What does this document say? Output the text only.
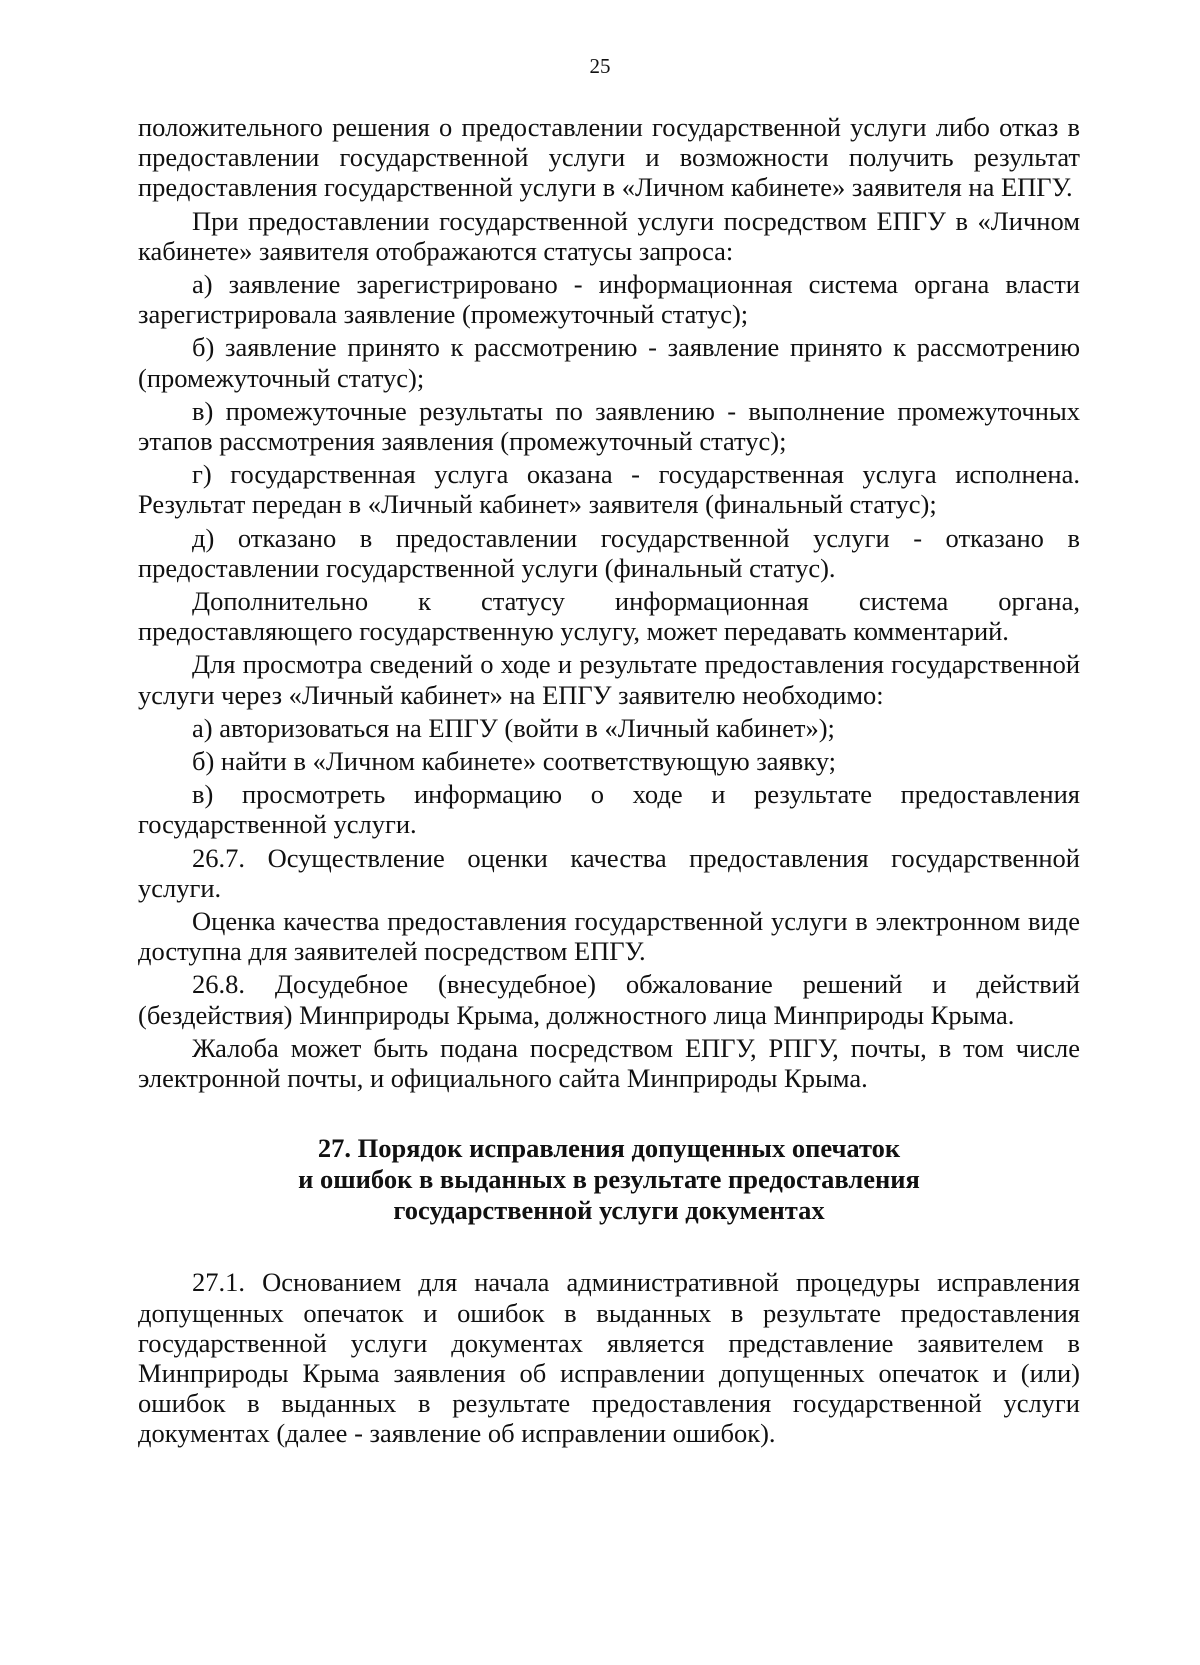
25

положительного решения о предоставлении государственной услуги либо отказ в предоставлении государственной услуги и возможности получить результат предоставления государственной услуги в «Личном кабинете» заявителя на ЕПГУ.

При предоставлении государственной услуги посредством ЕПГУ в «Личном кабинете» заявителя отображаются статусы запроса:

а) заявление зарегистрировано - информационная система органа власти зарегистрировала заявление (промежуточный статус);

б) заявление принято к рассмотрению - заявление принято к рассмотрению (промежуточный статус);

в) промежуточные результаты по заявлению - выполнение промежуточных этапов рассмотрения заявления (промежуточный статус);

г) государственная услуга оказана - государственная услуга исполнена. Результат передан в «Личный кабинет» заявителя (финальный статус);

д) отказано в предоставлении государственной услуги - отказано в предоставлении государственной услуги (финальный статус).

Дополнительно к статусу информационная система органа, предоставляющего государственную услугу, может передавать комментарий.

Для просмотра сведений о ходе и результате предоставления государственной услуги через «Личный кабинет» на ЕПГУ заявителю необходимо:

а) авторизоваться на ЕПГУ (войти в «Личный кабинет»);

б) найти в «Личном кабинете» соответствующую заявку;

в) просмотреть информацию о ходе и результате предоставления государственной услуги.

26.7. Осуществление оценки качества предоставления государственной услуги.

Оценка качества предоставления государственной услуги в электронном виде доступна для заявителей посредством ЕПГУ.

26.8. Досудебное (внесудебное) обжалование решений и действий (бездействия) Минприроды Крыма, должностного лица Минприроды Крыма.

Жалоба может быть подана посредством ЕПГУ, РПГУ, почты, в том числе электронной почты, и официального сайта Минприроды Крыма.

27. Порядок исправления допущенных опечаток
и ошибок в выданных в результате предоставления
государственной услуги документах

27.1. Основанием для начала административной процедуры исправления допущенных опечаток и ошибок в выданных в результате предоставления государственной услуги документах является представление заявителем в Минприроды Крыма заявления об исправлении допущенных опечаток и (или) ошибок в выданных в результате предоставления государственной услуги документах (далее - заявление об исправлении ошибок).
